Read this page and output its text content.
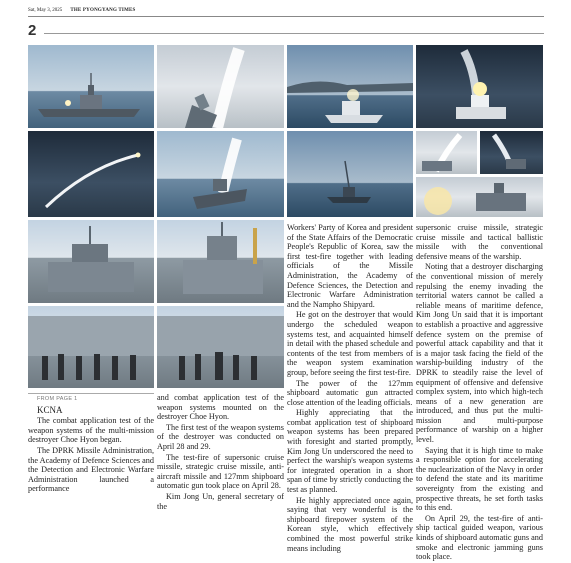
Sat, May 3, 2025 THE PYONGYANG TIMES
2

FROM PAGE 1

KCNA

The combat application test of the weapon systems of the multi-mission destroyer Choe Hyon began.

The DPRK Missile Administration, the Academy of Defence Sciences and the Detection and Electronic Warfare Administration launched a performance

and combat application test of the weapon systems mounted on the destroyer Choe Hyon.

The first test of the weapon systems of the destroyer was conducted on April 28 and 29.

The test-fire of supersonic cruise missile, strategic cruise missile, anti-aircraft missile and 127mm shipboard automatic gun took place on April 28.

Kim Jong Un, general secretary of the

Workers' Party of Korea and president of the State Affairs of the Democratic People's Republic of Korea, saw the first test-fire together with leading officials of the Missile Administration, the Academy of Defence Sciences, the Detection and Electronic Warfare Administration and the Nampho Shipyard.

He got on the destroyer that would undergo the scheduled weapon systems test, and acquainted himself in detail with the phased schedule and contents of the test from members of the weapon system examination group, before seeing the first test-fire.

The power of the 127mm shipboard automatic gun attracted close attention of the leading officials.

Highly appreciating that the combat application test of shipboard weapon systems has been prepared with foresight and started promptly, Kim Jong Un underscored the need to perfect the warship's weapon systems for integrated operation in a short span of time by strictly conducting the test as planned.

He highly appreciated once again, saying that very wonderful is the shipboard firepower system of the Korean style, which effectively combined the most powerful strike means including

supersonic cruise missile, strategic cruise missile and tactical ballistic missile with the conventional defensive means of the warship.

Noting that a destroyer discharging the conventional mission of merely repulsing the enemy invading the territorial waters cannot be called a reliable means of maritime defence, Kim Jong Un said that it is important to establish a proactive and aggressive defence system on the premise of powerful attack capability and that it is a major task facing the field of the warship-building industry of the DPRK to steadily raise the level of equipment of offensive and defensive complex system, into which high-tech means of a new generation are introduced, and thus put the multi-mission and multi-purpose performance of warship on a higher level.

Saying that it is high time to make a responsible option for accelerating the nuclearization of the Navy in order to defend the state and its maritime sovereignty from the existing and prospective threats, he set forth tasks to this end.

On April 29, the test-fire of anti-ship tactical guided weapon, various kinds of shipboard automatic guns and smoke and electronic jamming guns took place.
